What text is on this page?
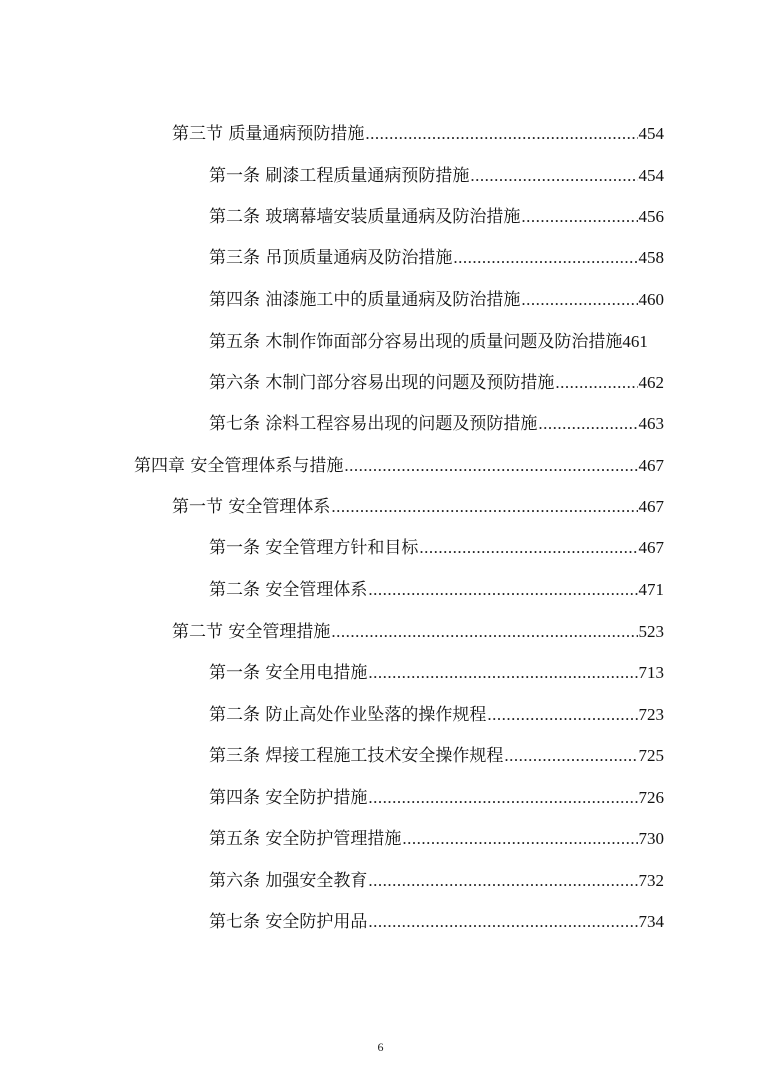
第三节 质量通病预防措施 .....	454
第一条 刷漆工程质量通病预防措施 .....	454
第二条 玻璃幕墙安装质量通病及防治措施 .....	456
第三条 吊顶质量通病及防治措施 .....	458
第四条 油漆施工中的质量通病及防治措施 .....	460
第五条 木制作饰面部分容易出现的质量问题及防治措施 461
第六条 木制门部分容易出现的问题及预防措施 .....	462
第七条 涂料工程容易出现的问题及预防措施 .....	463
第四章 安全管理体系与措施 .....	467
第一节 安全管理体系 .....	467
第一条 安全管理方针和目标 .....	467
第二条 安全管理体系 .....	471
第二节 安全管理措施 .....	523
第一条 安全用电措施 .....	713
第二条 防止高处作业坠落的操作规程 .....	723
第三条 焊接工程施工技术安全操作规程 .....	725
第四条 安全防护措施 .....	726
第五条 安全防护管理措施 .....	730
第六条 加强安全教育 .....	732
第七条 安全防护用品 .....	734
6
